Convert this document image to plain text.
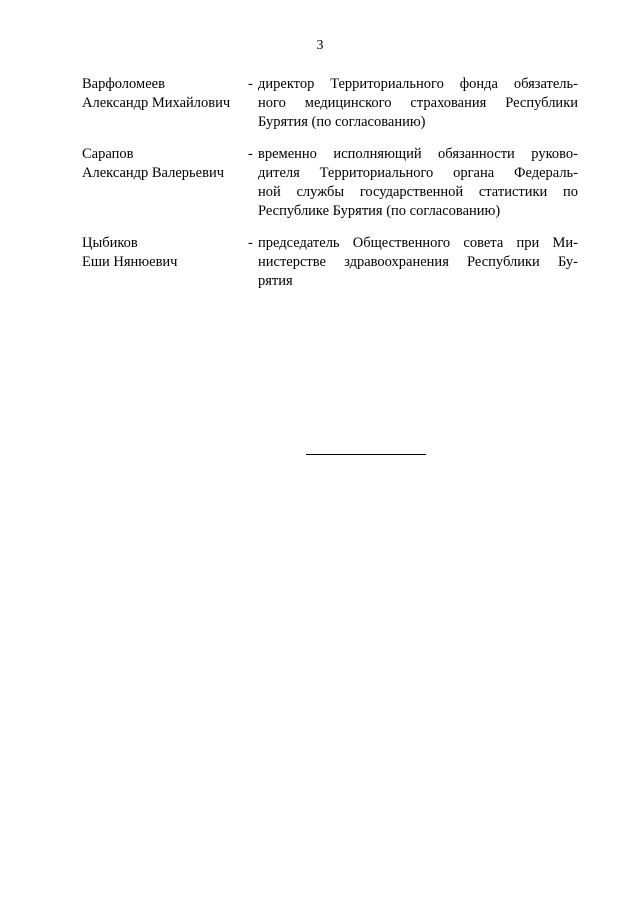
3
Варфоломеев
Александр Михайлович
- директор Территориального фонда обязатель-
ного медицинского страхования Республики
Бурятия (по согласованию)
Сарапов
Александр Валерьевич
- временно исполняющий обязанности руково-
дителя Территориального органа Федераль-
ной службы государственной статистики по
Республике Бурятия (по согласованию)
Цыбиков
Еши Нянюевич
- председатель Общественного совета при Ми-
нистерстве здравоохранения Республики Бу-
рятия
